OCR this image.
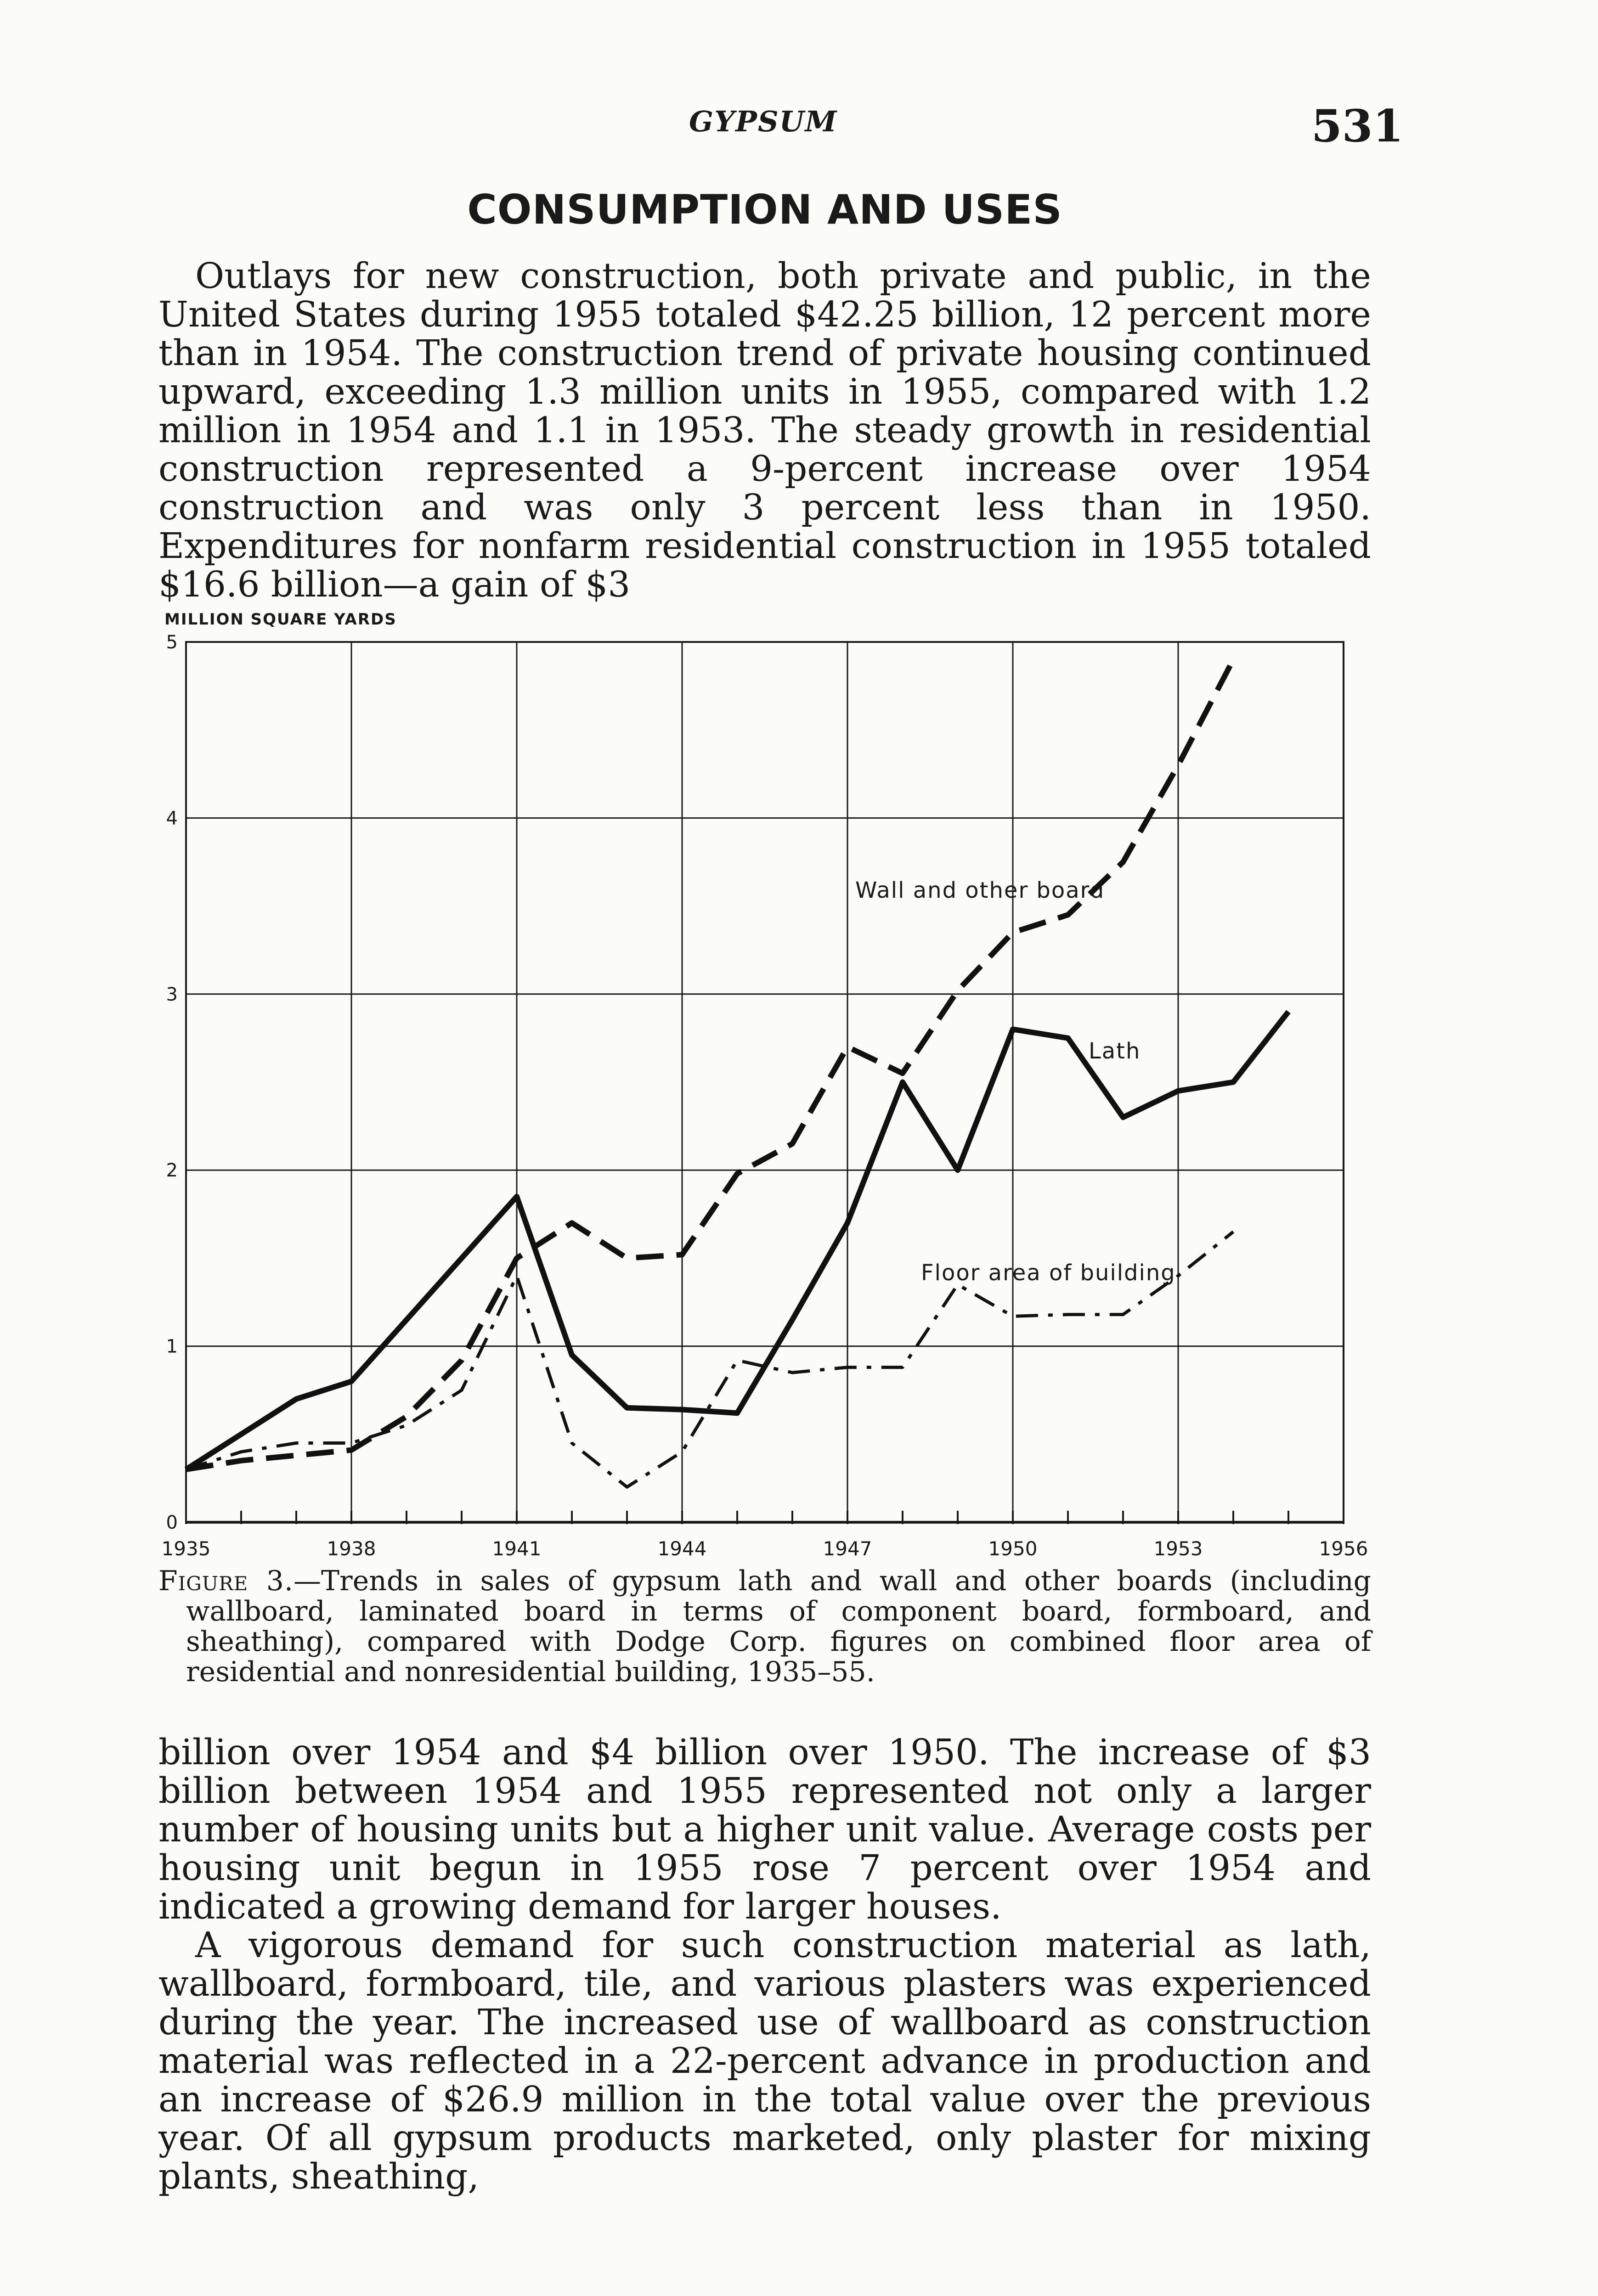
GYPSUM	531
CONSUMPTION AND USES

Outlays for new construction, both private and public, in the United States during 1955 totaled $42.25 billion, 12 percent more than in 1954. The construction trend of private housing continued upward, exceeding 1.3 million units in 1955, compared with 1.2 million in 1954 and 1.1 in 1953. The steady growth in residential construction represented a 9-percent increase over 1954 construction and was only 3 percent less than in 1950. Expenditures for nonfarm residential construction in 1955 totaled $16.6 billion—a gain of $3

1935	1938	1941	1944	1947	1950	1953	1956
0
1
2
3
4
5
MILLION SQUARE YARDS
Wall and other board
Lath
Floor area of building
Figure 3.—Trends in sales of gypsum lath and wall and other boards (including wallboard, laminated board in terms of component board, formboard, and sheathing), compared with Dodge Corp. figures on combined floor area of residential and nonresidential building, 1935–55.

billion over 1954 and $4 billion over 1950. The increase of $3 billion between 1954 and 1955 represented not only a larger number of housing units but a higher unit value. Average costs per housing unit begun in 1955 rose 7 percent over 1954 and indicated a growing demand for larger houses.

A vigorous demand for such construction material as lath, wallboard, formboard, tile, and various plasters was experienced during the year. The increased use of wallboard as construction material was reflected in a 22-percent advance in production and an increase of $26.9 million in the total value over the previous year. Of all gypsum products marketed, only plaster for mixing plants, sheathing,
